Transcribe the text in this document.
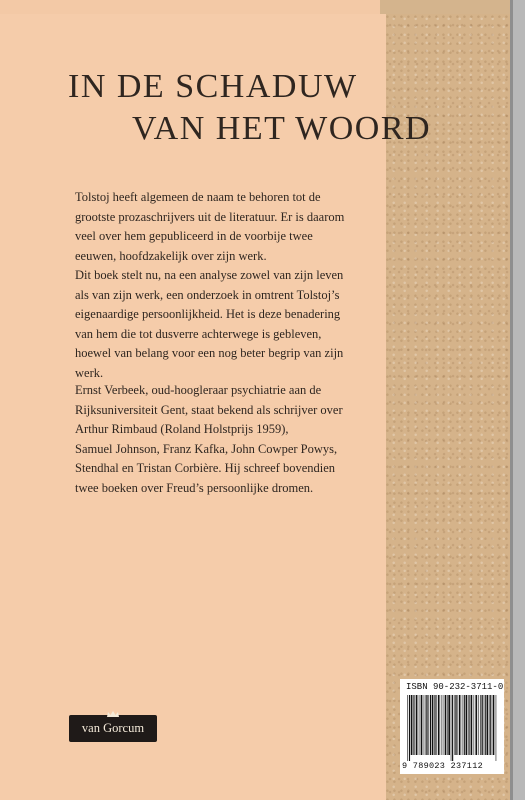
IN DE SCHADUW
VAN HET WOORD

Tolstoj heeft algemeen de naam te behoren tot de
grootste prozaschrijvers uit de literatuur. Er is daarom
veel over hem gepubliceerd in de voorbije twee
eeuwen, hoofdzakelijk over zijn werk.
Dit boek stelt nu, na een analyse zowel van zijn leven
als van zijn werk, een onderzoek in omtrent Tolstoj’s
eigenaardige persoonlijkheid. Het is deze benadering
van hem die tot dusverre achterwege is gebleven,
hoewel van belang voor een nog beter begrip van zijn
werk.

Ernst Verbeek, oud-hoogleraar psychiatrie aan de
Rijksuniversiteit Gent, staat bekend als schrijver over
Arthur Rimbaud (Roland Holstprijs 1959),
Samuel Johnson, Franz Kafka, John Cowper Powys,
Stendhal en Tristan Corbière. Hij schreef bovendien
twee boeken over Freud’s persoonlijke dromen.

van Gorcum
ISBN 90-232-3711-0
9 789023 237112
